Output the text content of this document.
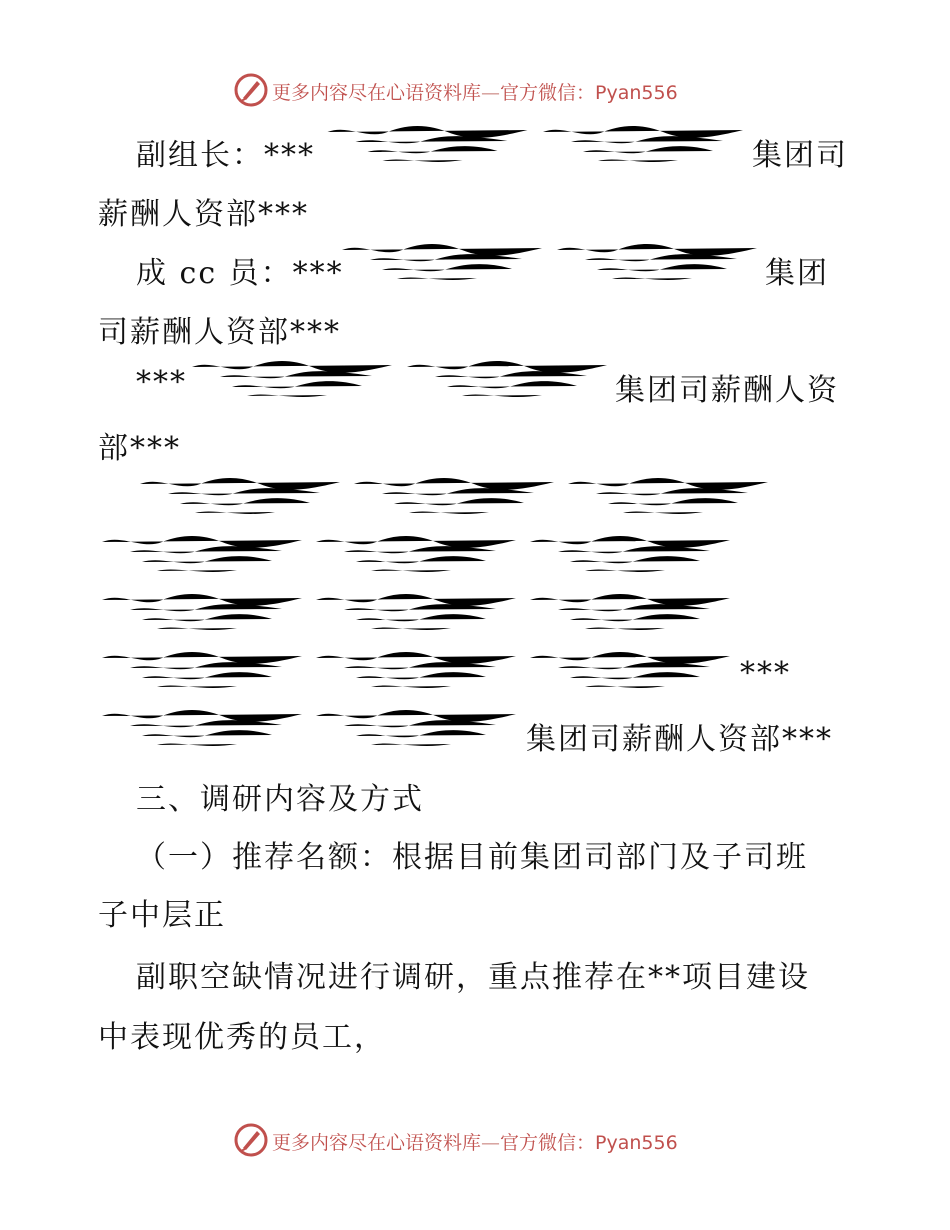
更多内容尽在心语资料库—官方微信：Pyan556
副组长：***	集团司
薪酬人资部***
成 cc 员：***	集团
司薪酬人资部***
***	集团司薪酬人资
部***
***
集团司薪酬人资部***
三、调研内容及方式
（一）推荐名额：根据目前集团司部门及子司班
子中层正
副职空缺情况进行调研，重点推荐在**项目建设
中表现优秀的员工，
更多内容尽在心语资料库—官方微信：Pyan556
